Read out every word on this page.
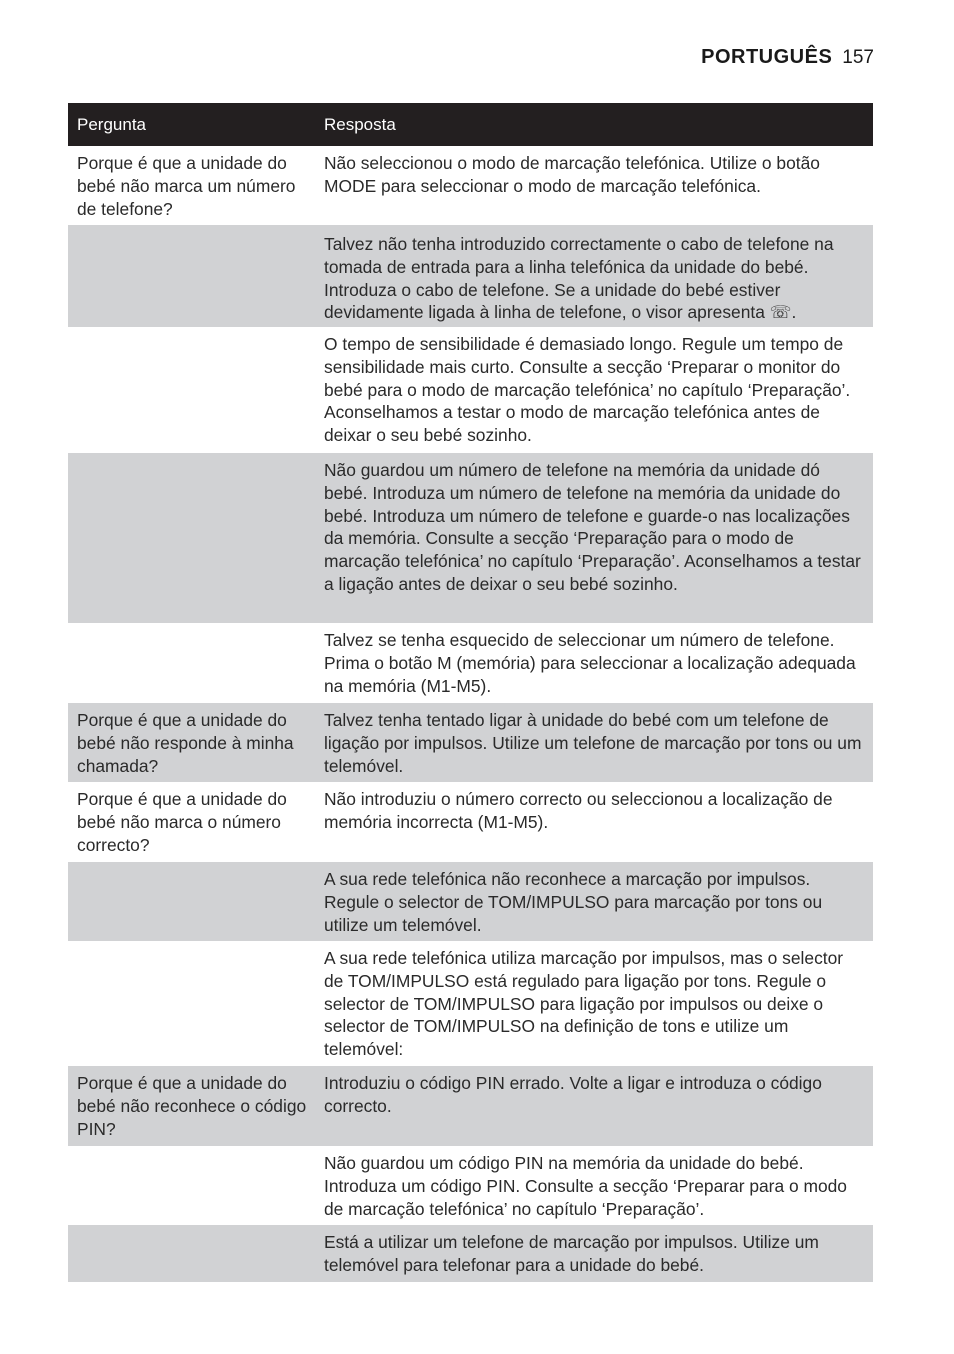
PORTUGUÊS 157
Pergunta	Resposta
Porque é que a unidade do bebé não marca um número de telefone?
Não seleccionou o modo de marcação telefónica. Utilize o botão MODE para seleccionar o modo de marcação telefónica.
Talvez não tenha introduzido correctamente o cabo de telefone na tomada de entrada para a linha telefónica da unidade do bebé. Introduza o cabo de telefone. Se a unidade do bebé estiver devidamente ligada à linha de telefone, o visor apresenta ☏.
O tempo de sensibilidade é demasiado longo. Regule um tempo de sensibilidade mais curto. Consulte a secção ‘Preparar o monitor do bebé para o modo de marcação telefónica’ no capítulo ‘Preparação’. Aconselhamos a testar o modo de marcação telefónica antes de deixar o seu bebé sozinho.
Não guardou um número de telefone na memória da unidade dó bebé. Introduza um número de telefone na memória da unidade do bebé. Introduza um número de telefone e guarde-o nas localizações da memória. Consulte a secção ‘Preparação para o modo de marcação telefónica’ no capítulo ‘Preparação’. Aconselhamos a testar a ligação antes de deixar o seu bebé sozinho.
Talvez se tenha esquecido de seleccionar um número de telefone. Prima o botão M (memória) para seleccionar a localização adequada na memória (M1-M5).
Porque é que a unidade do bebé não responde à minha chamada?
Talvez tenha tentado ligar à unidade do bebé com um telefone de ligação por impulsos. Utilize um telefone de marcação por tons ou um telemóvel.
Porque é que a unidade do bebé não marca o número correcto?
Não introduziu o número correcto ou seleccionou a localização de memória incorrecta (M1-M5).
A sua rede telefónica não reconhece a marcação por impulsos. Regule o selector de TOM/IMPULSO para marcação por tons ou utilize um telemóvel.
A sua rede telefónica utiliza marcação por impulsos, mas o selector de TOM/IMPULSO está regulado para ligação por tons. Regule o selector de TOM/IMPULSO para ligação por impulsos ou deixe o selector de TOM/IMPULSO na definição de tons e utilize um telemóvel:
Porque é que a unidade do bebé não reconhece o código PIN?
Introduziu o código PIN errado. Volte a ligar e introduza o código correcto.
Não guardou um código PIN na memória da unidade do bebé. Introduza um código PIN. Consulte a secção ‘Preparar para o modo de marcação telefónica’ no capítulo ‘Preparação’.
Está a utilizar um telefone de marcação por impulsos. Utilize um telemóvel para telefonar para a unidade do bebé.
